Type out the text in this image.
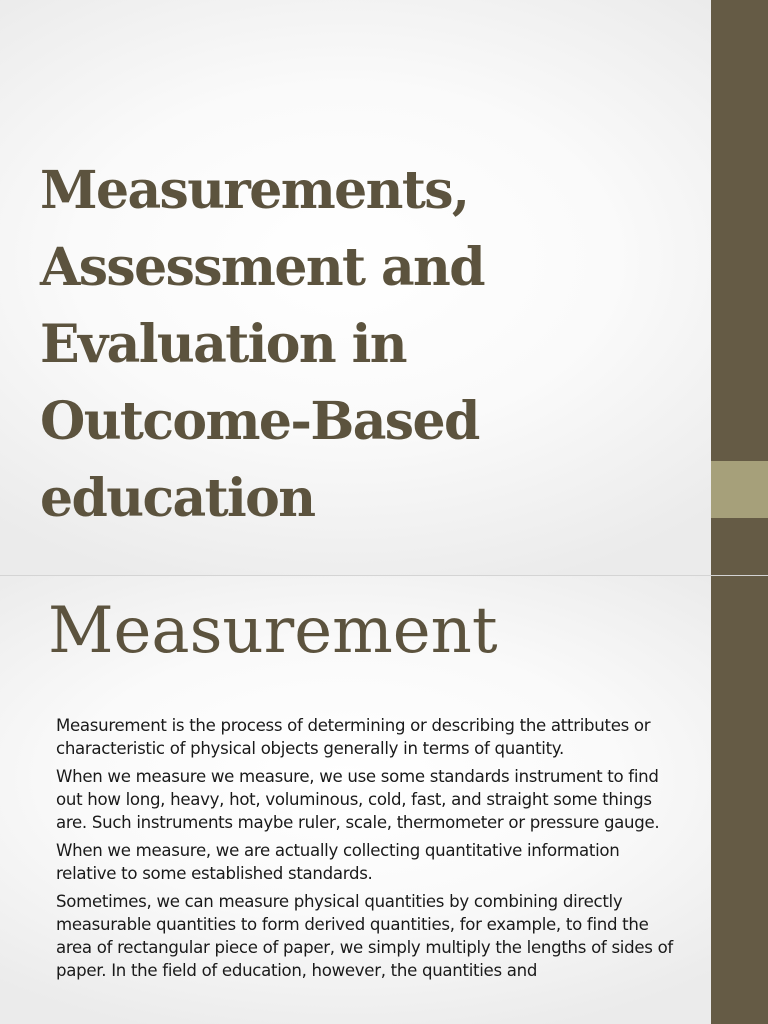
Measurements, Assessment and Evaluation in Outcome-Based education
Measurement

Measurement is the process of determining or describing the attributes or characteristic of physical objects generally in terms of quantity.

When we measure we measure, we use some standards instrument to find out how long, heavy, hot, voluminous, cold, fast, and straight some things are. Such instruments maybe ruler, scale, thermometer or pressure gauge.

When we measure, we are actually collecting quantitative information relative to some established standards.

Sometimes, we can measure physical quantities by combining directly measurable quantities to form derived quantities, for example, to find the area of rectangular piece of paper, we simply multiply the lengths of sides of paper. In the field of education, however, the quantities and
